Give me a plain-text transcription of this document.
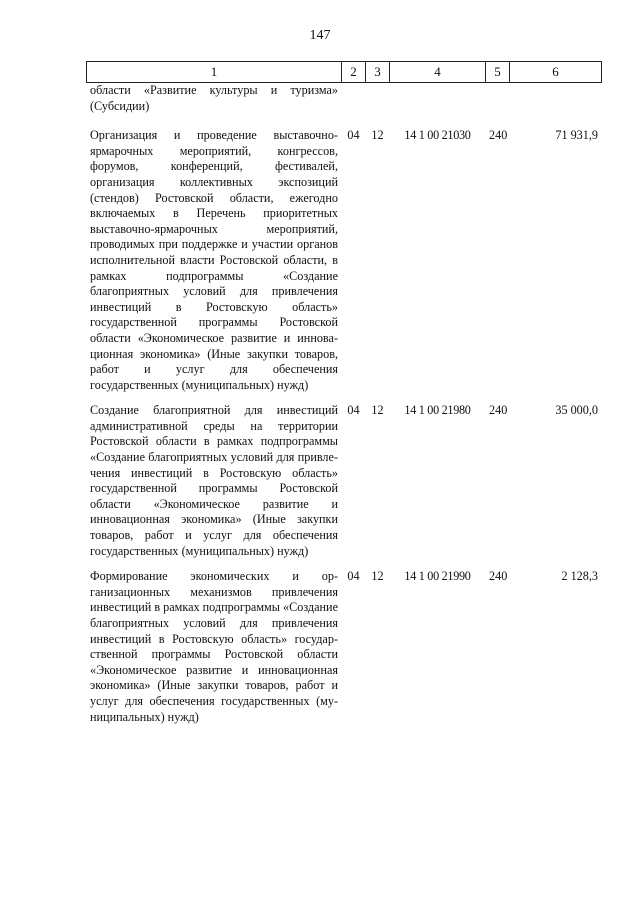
147
1	2	3	4	5	6
области «Развитие культуры и туризма» (Субсидии)					
Организация и проведение выставочно-ярмарочных мероприятий, конгрессов, форумов, конференций, фестивалей, организация коллективных экспозиций (стендов) Ростовской области, ежегодно включаемых в Перечень приоритетных выставочно-ярмарочных мероприятий, проводимых при поддержке и участии органов исполнительной власти Ростовской области, в рамках подпрограммы «Создание благоприятных условий для привлечения инвестиций в Ростовскую область» государственной программы Ростовской области «Экономическое развитие и инновационная экономика» (Иные закупки товаров, работ и услуг для обеспечения государственных (муниципальных) нужд)	04	12	14 1 00 21030	240	71 931,9
Создание благоприятной для инвестиций административной среды на территории Ростовской области в рамках подпрограммы «Создание благоприятных условий для привлечения инвестиций в Ростовскую область» государственной программы Ростовской области «Экономическое развитие и инновационная экономика» (Иные закупки товаров, работ и услуг для обеспечения государственных (муниципальных) нужд)	04	12	14 1 00 21980	240	35 000,0
Формирование экономических и организационных механизмов привлечения инвестиций в рамках подпрограммы «Создание благоприятных условий для привлечения инвестиций в Ростовскую область» государственной программы Ростовской области «Экономическое развитие и инновационная экономика» (Иные закупки товаров, работ и услуг для обеспечения государственных (муниципальных) нужд)	04	12	14 1 00 21990	240	2 128,3
